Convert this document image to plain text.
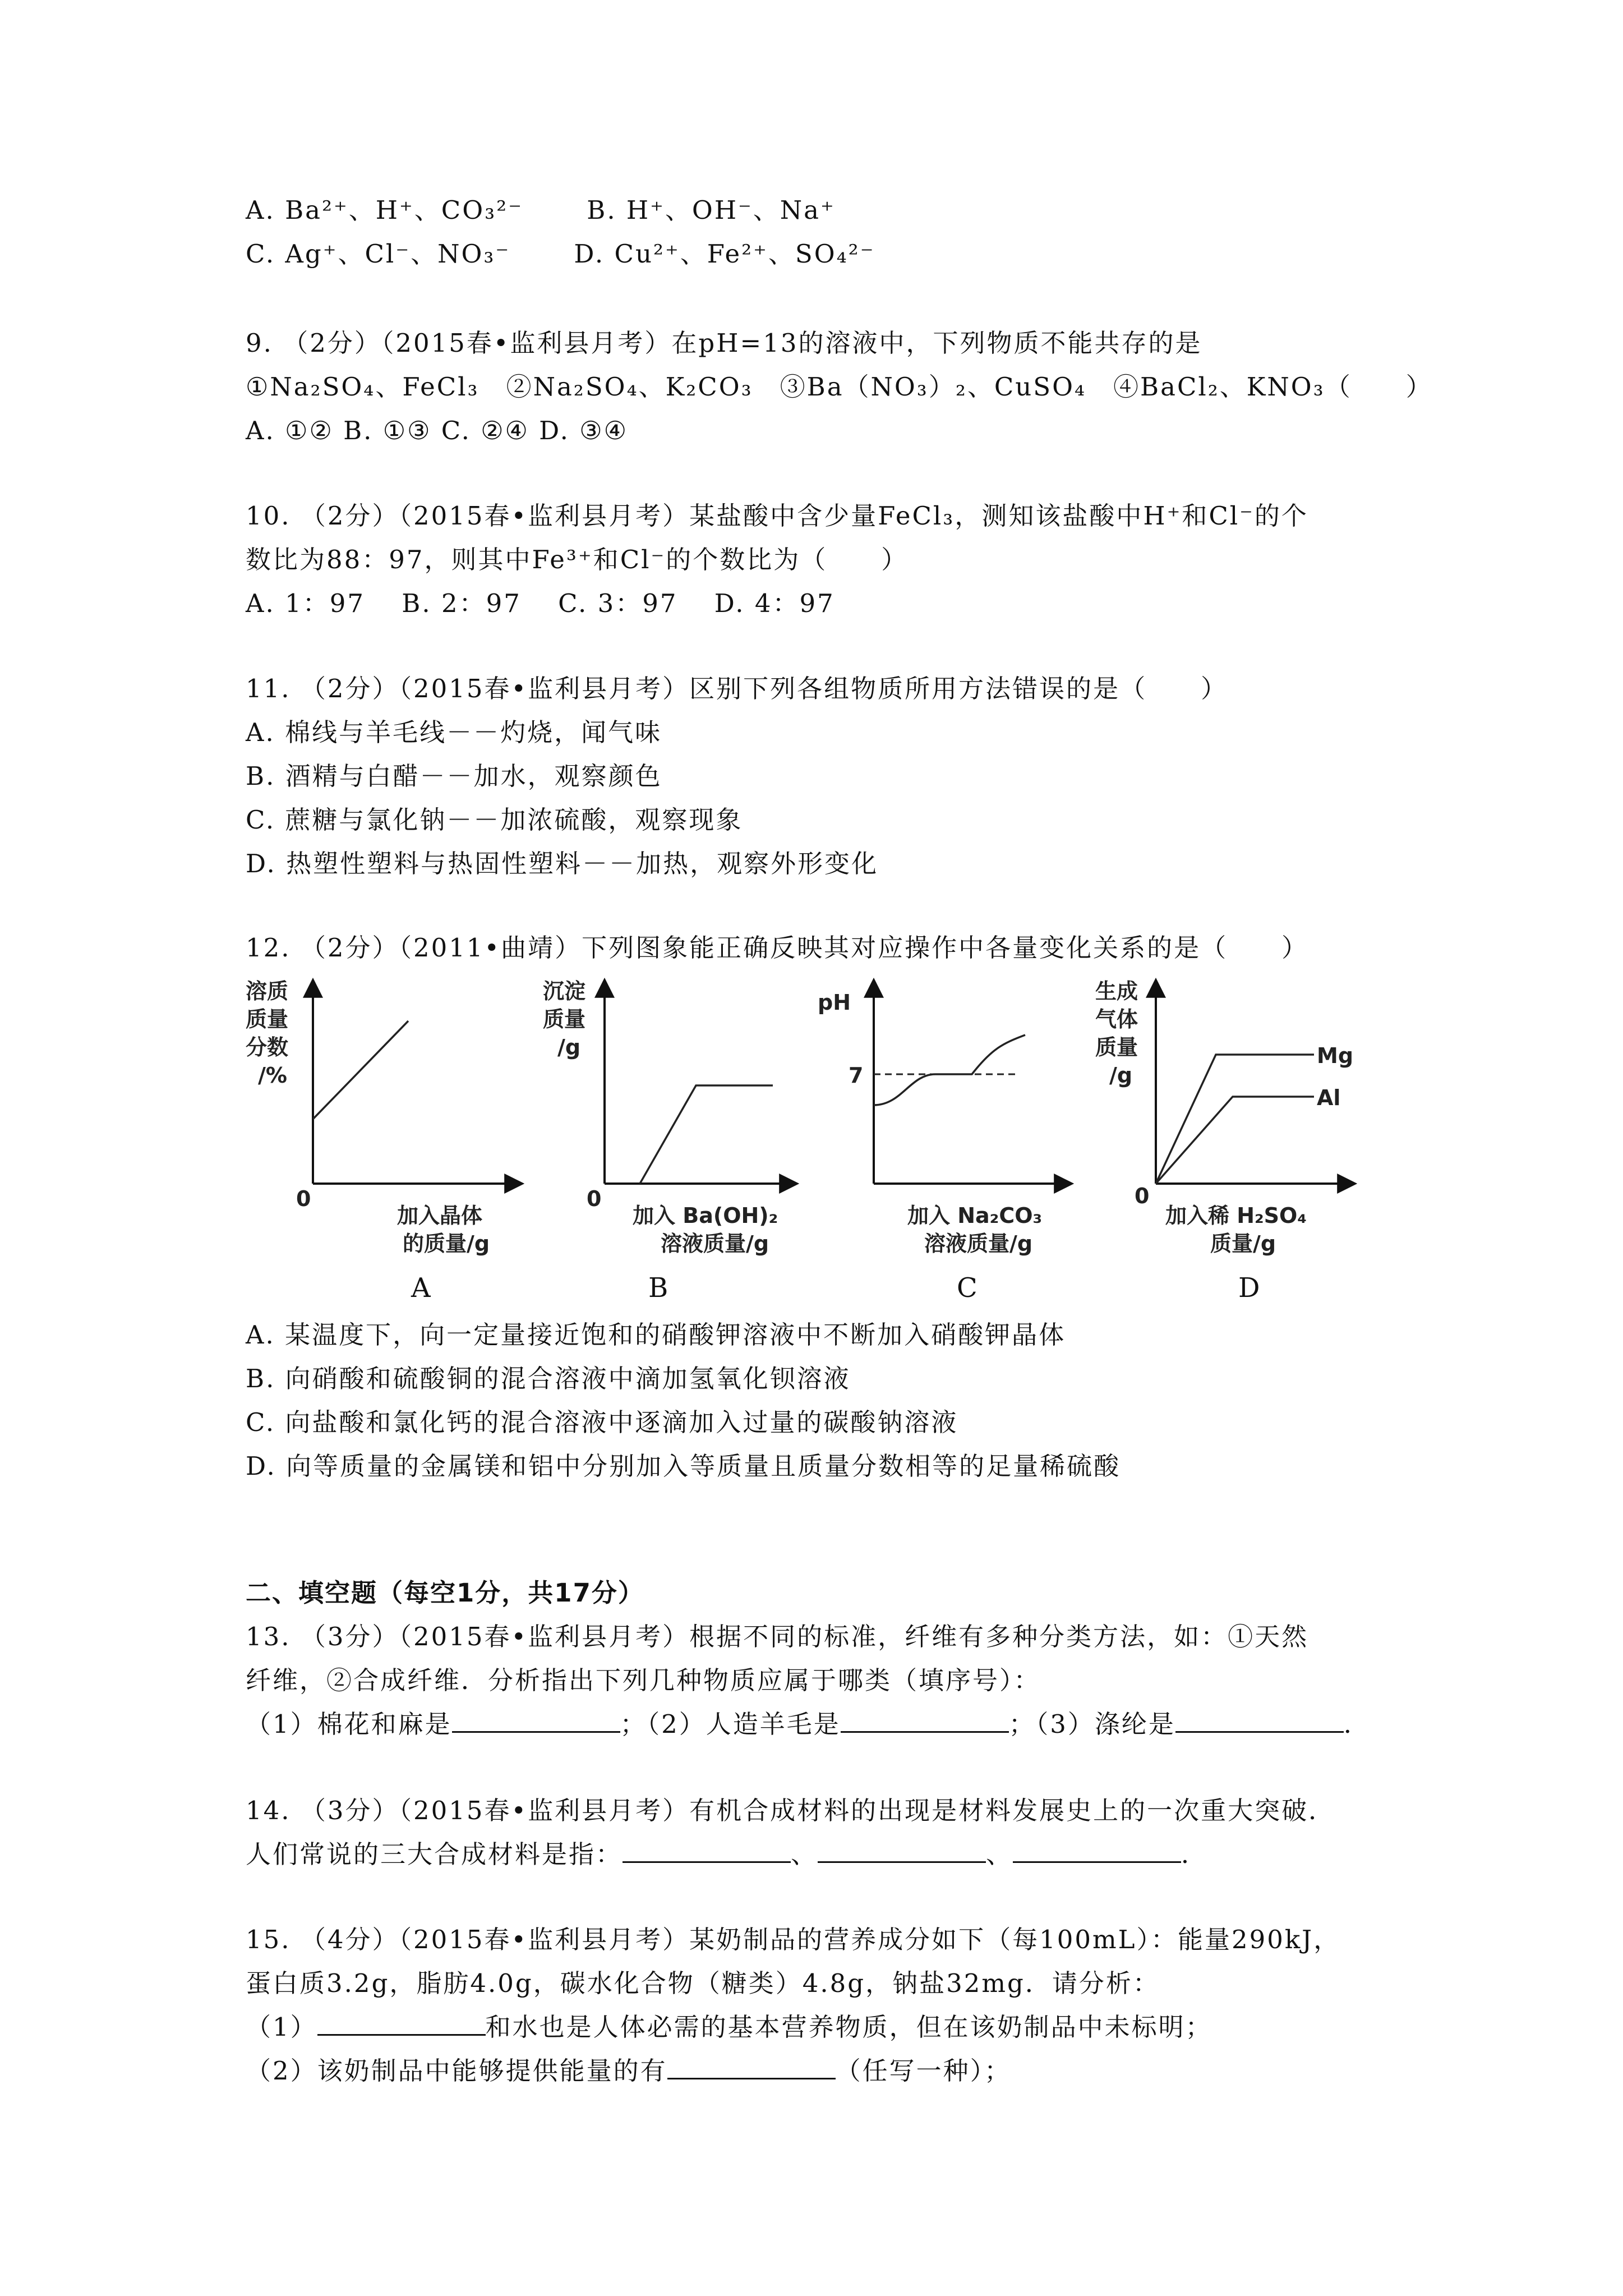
A. Ba²⁺、H⁺、CO₃²⁻　　 B. H⁺、OH⁻、Na⁺
C. Ag⁺、Cl⁻、NO₃⁻　　 D. Cu²⁺、Fe²⁺、SO₄²⁻
9. （2分）（2015春•监利县月考）在pH=13的溶液中，下列物质不能共存的是
①Na₂SO₄、FeCl₃　②Na₂SO₄、K₂CO₃　③Ba（NO₃）₂、CuSO₄　④BaCl₂、KNO₃（　　）
A. ①② B. ①③ C. ②④ D. ③④
10. （2分）（2015春•监利县月考）某盐酸中含少量FeCl₃，测知该盐酸中H⁺和Cl⁻的个
数比为88：97，则其中Fe³⁺和Cl⁻的个数比为（　　）
A. 1：97　 B. 2：97　 C. 3：97　 D. 4：97
11. （2分）（2015春•监利县月考）区别下列各组物质所用方法错误的是（　　）
A. 棉线与羊毛线－－灼烧，闻气味
B. 酒精与白醋－－加水，观察颜色
C. 蔗糖与氯化钠－－加浓硫酸，观察现象
D. 热塑性塑料与热固性塑料－－加热，观察外形变化
12. （2分）（2011•曲靖）下列图象能正确反映其对应操作中各量变化关系的是（　　）
溶质
质量
分数
/%
0
加入晶体
的质量/g
A
沉淀
质量
/g
0
加入 Ba(OH)₂
溶液质量/g
B
pH
7
加入 Na₂CO₃
溶液质量/g
C
生成
气体
质量
/g
Mg
Al
0
加入稀 H₂SO₄
质量/g
D
A. 某温度下，向一定量接近饱和的硝酸钾溶液中不断加入硝酸钾晶体
B. 向硝酸和硫酸铜的混合溶液中滴加氢氧化钡溶液
C. 向盐酸和氯化钙的混合溶液中逐滴加入过量的碳酸钠溶液
D. 向等质量的金属镁和铝中分别加入等质量且质量分数相等的足量稀硫酸
二、填空题（每空1分，共17分）
13. （3分）（2015春•监利县月考）根据不同的标准，纤维有多种分类方法，如：①天然
纤维，②合成纤维．分析指出下列几种物质应属于哪类（填序号）：
（1）棉花和麻是	；（2）人造羊毛是	；（3）涤纶是	．
14. （3分）（2015春•监利县月考）有机合成材料的出现是材料发展史上的一次重大突破．
人们常说的三大合成材料是指：	、	、	．
15. （4分）（2015春•监利县月考）某奶制品的营养成分如下（每100mL）：能量290kJ，
蛋白质3.2g，脂肪4.0g，碳水化合物（糖类）4.8g，钠盐32mg．请分析：
（1）	和水也是人体必需的基本营养物质，但在该奶制品中未标明；
（2）该奶制品中能够提供能量的有	（任写一种）；
